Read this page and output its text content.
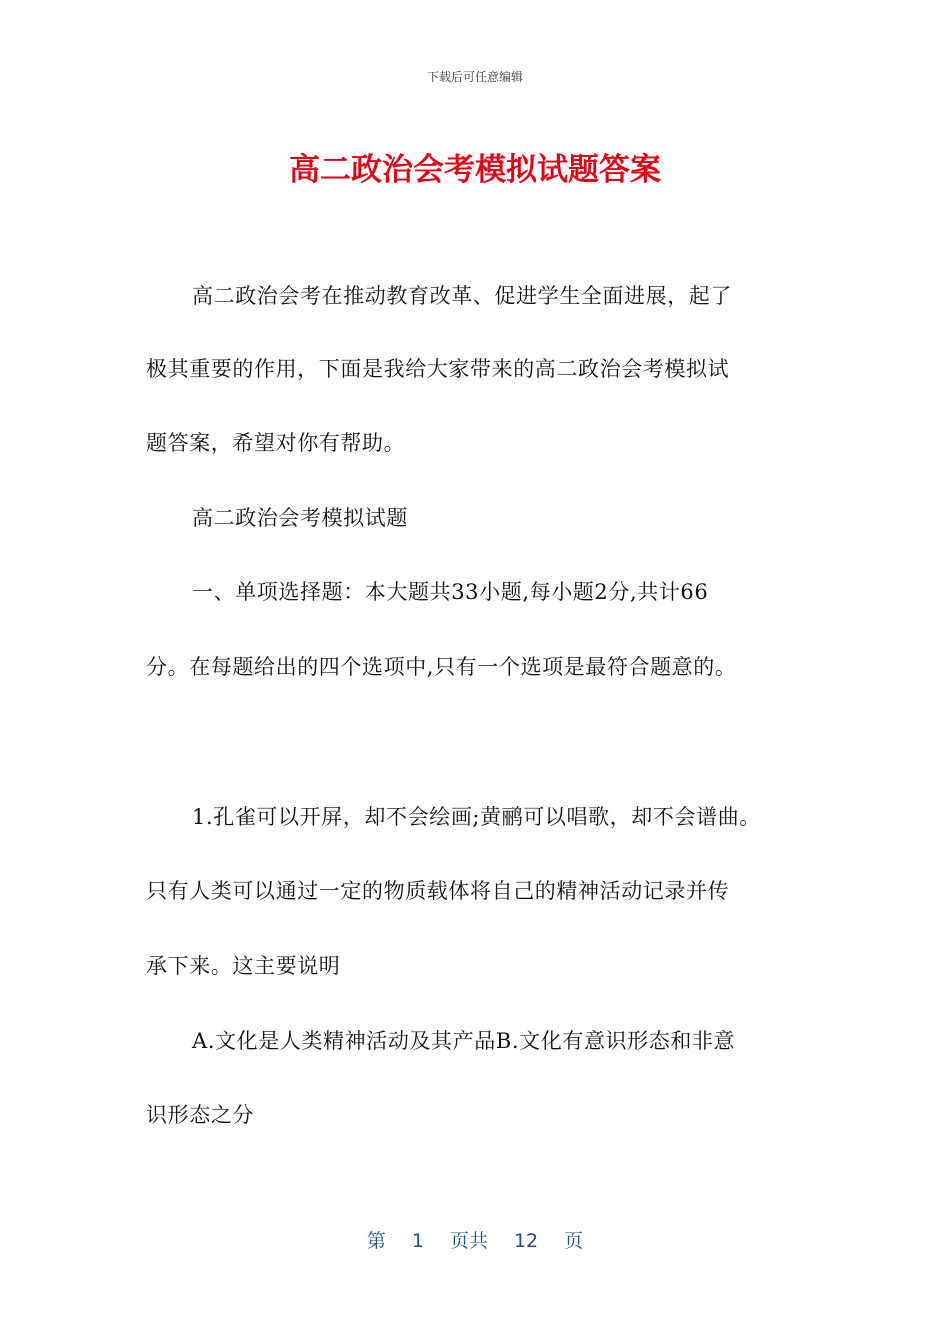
下载后可任意编辑
高二政治会考模拟试题答案
高二政治会考在推动教育改革、促进学生全面进展，起了
极其重要的作用，下面是我给大家带来的高二政治会考模拟试
题答案，希望对你有帮助。
高二政治会考模拟试题
一、单项选择题：本大题共33小题,每小题2分,共计66
分。在每题给出的四个选项中,只有一个选项是最符合题意的。
1.孔雀可以开屏，却不会绘画;黄鹂可以唱歌，却不会谱曲。
只有人类可以通过一定的物质载体将自己的精神活动记录并传
承下来。这主要说明
A.文化是人类精神活动及其产品B.文化有意识形态和非意
识形态之分
第 1 页共 12 页
